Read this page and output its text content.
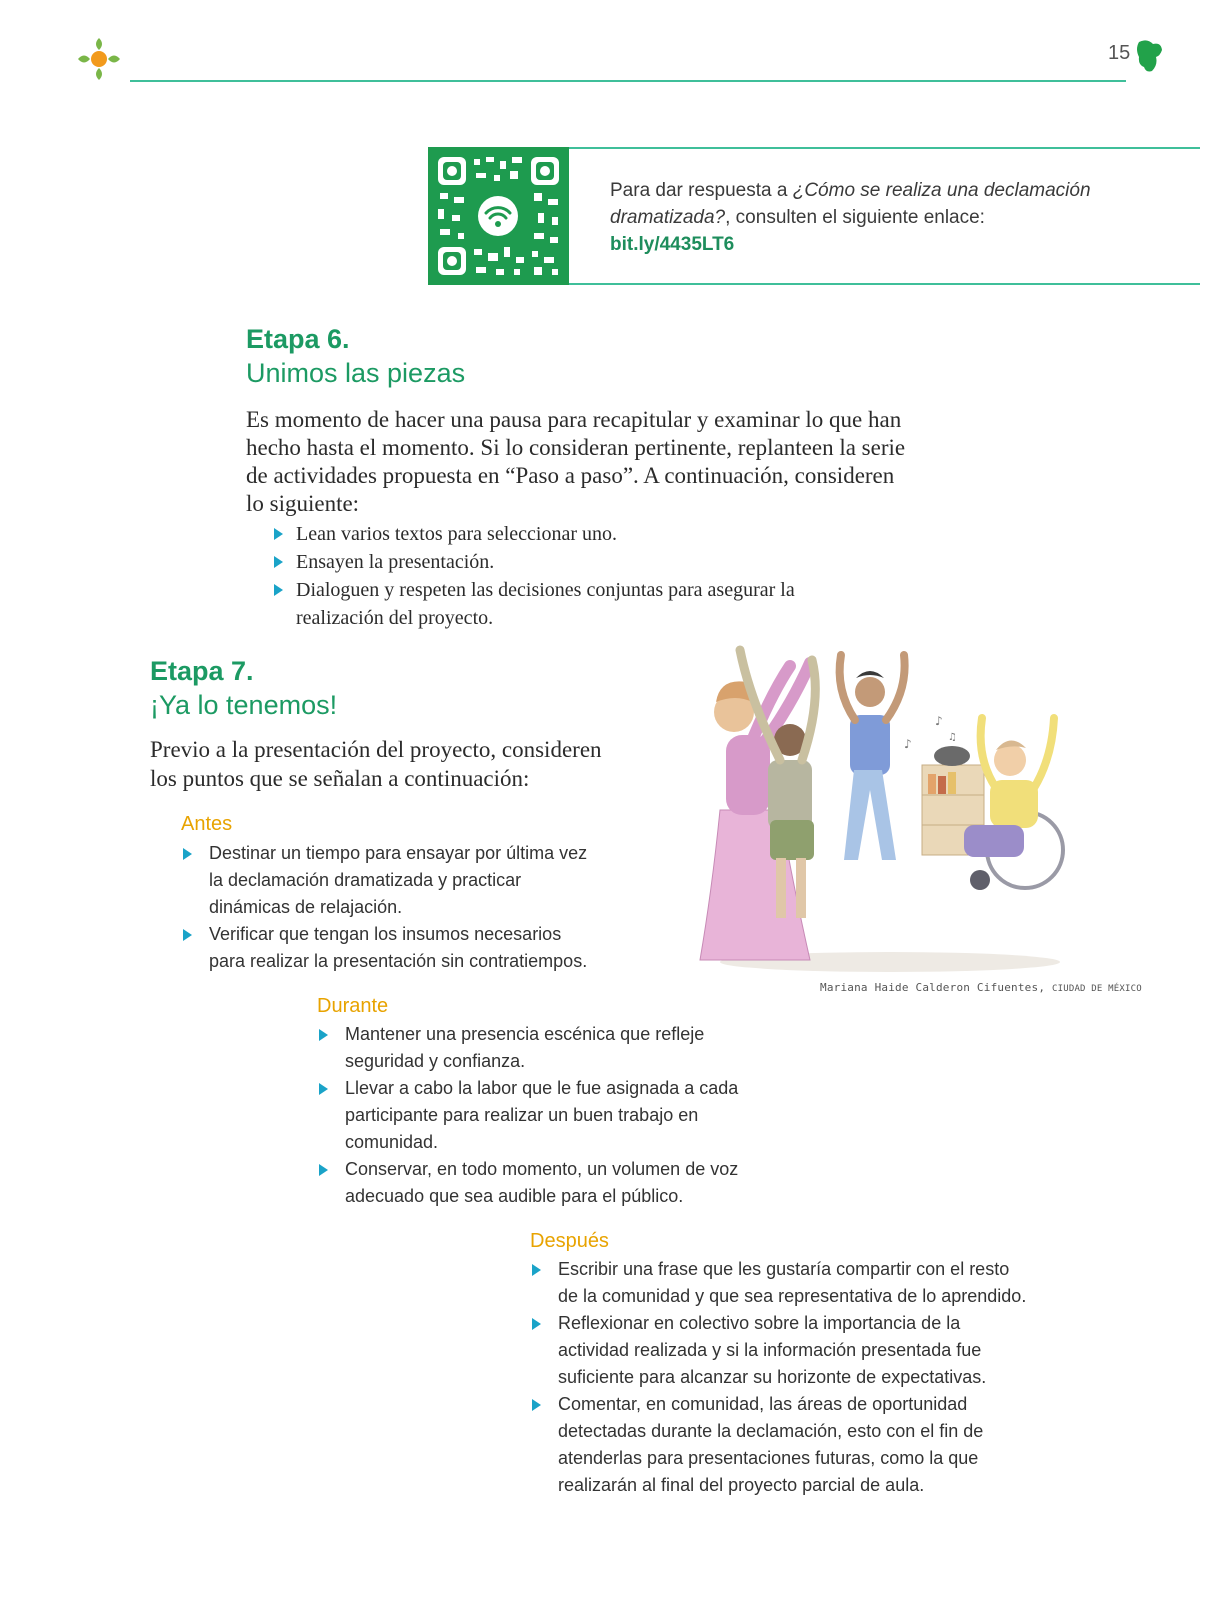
15
Para dar respuesta a ¿Cómo se realiza una declamación dramatizada?, consulten el siguiente enlace:
bit.ly/4435LT6
Etapa 6.
Unimos las piezas
Es momento de hacer una pausa para recapitular y examinar lo que han hecho hasta el momento. Si lo consideran pertinente, replanteen la serie de actividades propuesta en “Paso a paso”. A continuación, consideren lo siguiente:
Lean varios textos para seleccionar uno.
Ensayen la presentación.
Dialoguen y respeten las decisiones conjuntas para asegurar la realización del proyecto.
Etapa 7.
¡Ya lo tenemos!
Previo a la presentación del proyecto, consideren los puntos que se señalan a continuación:
Antes
Destinar un tiempo para ensayar por última vez la declamación dramatizada y practicar dinámicas de relajación.
Verificar que tengan los insumos necesarios para realizar la presentación sin contratiempos.
Durante
Mantener una presencia escénica que refleje seguridad y confianza.
Llevar a cabo la labor que le fue asignada a cada participante para realizar un buen trabajo en comunidad.
Conservar, en todo momento, un volumen de voz adecuado que sea audible para el público.
Después
Escribir una frase que les gustaría compartir con el resto de la comunidad y que sea representativa de lo aprendido.
Reflexionar en colectivo sobre la importancia de la actividad realizada y si la información presentada fue suficiente para alcanzar su horizonte de expectativas.
Comentar, en comunidad, las áreas de oportunidad detectadas durante la declamación, esto con el fin de atenderlas para presentaciones futuras, como la que realizarán al final del proyecto parcial de aula.
♪
♪
♫
Mariana Haide Calderon Cifuentes, CIUDAD DE MÉXICO
